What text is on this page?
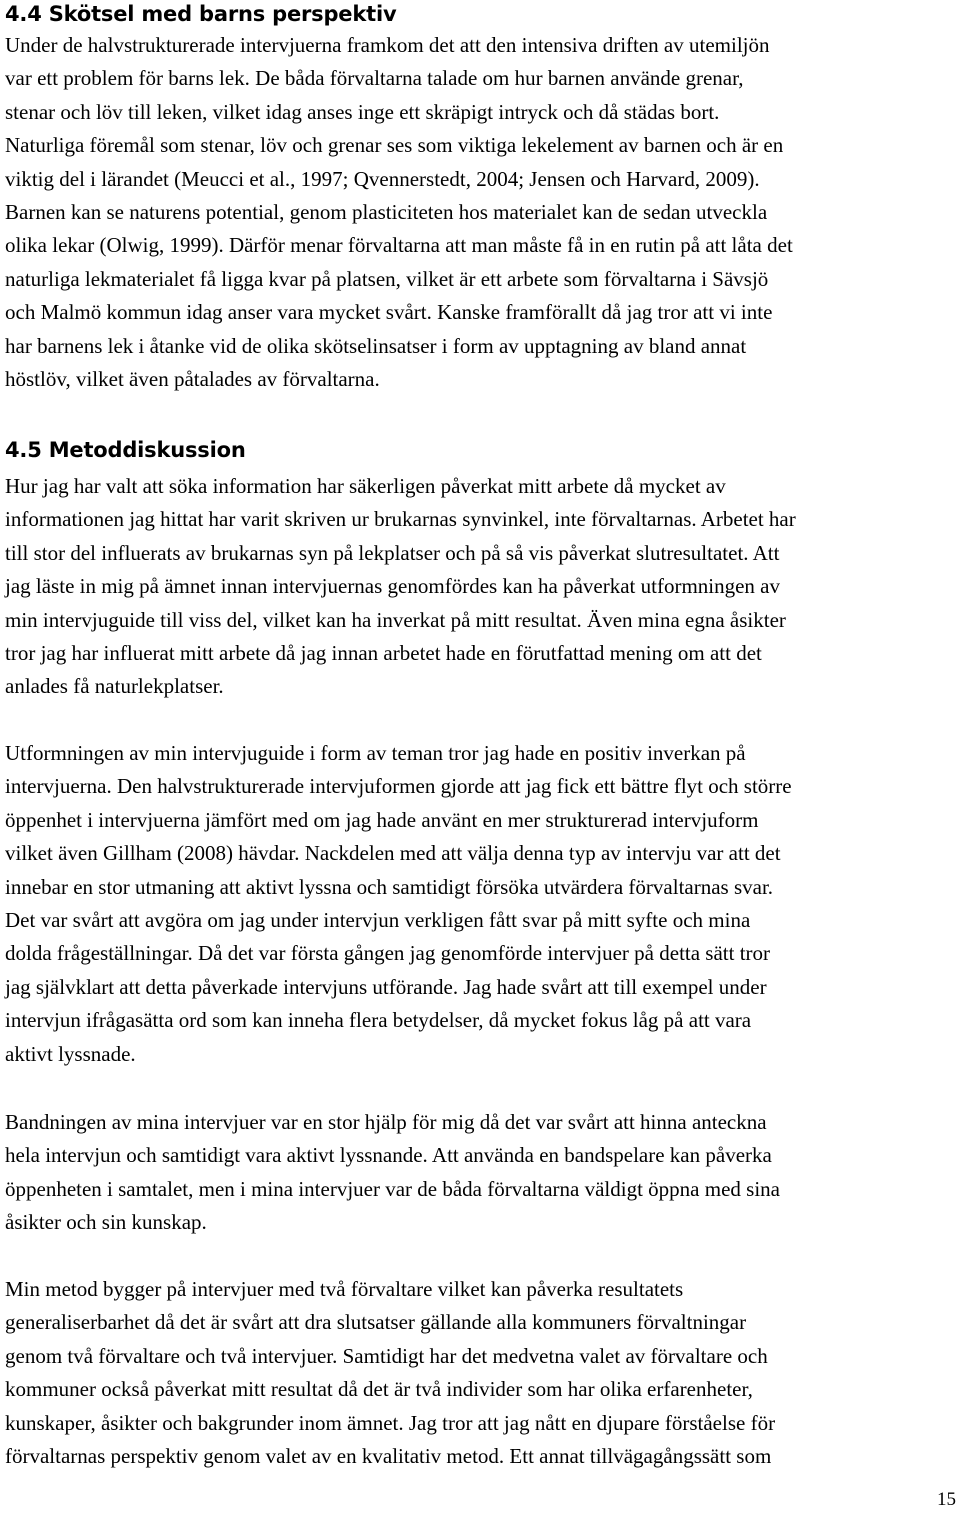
4.4 Skötsel med barns perspektiv

Under de halvstrukturerade intervjuerna framkom det att den intensiva driften av utemiljön
var ett problem för barns lek. De båda förvaltarna talade om hur barnen använde grenar,
stenar och löv till leken, vilket idag anses inge ett skräpigt intryck och då städas bort.
Naturliga föremål som stenar, löv och grenar ses som viktiga lekelement av barnen och är en
viktig del i lärandet (Meucci et al., 1997; Qvennerstedt, 2004; Jensen och Harvard, 2009).
Barnen kan se naturens potential, genom plasticiteten hos materialet kan de sedan utveckla
olika lekar (Olwig, 1999). Därför menar förvaltarna att man måste få in en rutin på att låta det
naturliga lekmaterialet få ligga kvar på platsen, vilket är ett arbete som förvaltarna i Sävsjö
och Malmö kommun idag anser vara mycket svårt. Kanske framförallt då jag tror att vi inte
har barnens lek i åtanke vid de olika skötselinsatser i form av upptagning av bland annat
höstlöv, vilket även påtalades av förvaltarna.

4.5 Metoddiskussion

Hur jag har valt att söka information har säkerligen påverkat mitt arbete då mycket av
informationen jag hittat har varit skriven ur brukarnas synvinkel, inte förvaltarnas. Arbetet har
till stor del influerats av brukarnas syn på lekplatser och på så vis påverkat slutresultatet. Att
jag läste in mig på ämnet innan intervjuernas genomfördes kan ha påverkat utformningen av
min intervjuguide till viss del, vilket kan ha inverkat på mitt resultat. Även mina egna åsikter
tror jag har influerat mitt arbete då jag innan arbetet hade en förutfattad mening om att det
anlades få naturlekplatser.

Utformningen av min intervjuguide i form av teman tror jag hade en positiv inverkan på
intervjuerna. Den halvstrukturerade intervjuformen gjorde att jag fick ett bättre flyt och större
öppenhet i intervjuerna jämfört med om jag hade använt en mer strukturerad intervjuform
vilket även Gillham (2008) hävdar. Nackdelen med att välja denna typ av intervju var att det
innebar en stor utmaning att aktivt lyssna och samtidigt försöka utvärdera förvaltarnas svar.
Det var svårt att avgöra om jag under intervjun verkligen fått svar på mitt syfte och mina
dolda frågeställningar. Då det var första gången jag genomförde intervjuer på detta sätt tror
jag självklart att detta påverkade intervjuns utförande. Jag hade svårt att till exempel under
intervjun ifrågasätta ord som kan inneha flera betydelser, då mycket fokus låg på att vara
aktivt lyssnade.

Bandningen av mina intervjuer var en stor hjälp för mig då det var svårt att hinna anteckna
hela intervjun och samtidigt vara aktivt lyssnande. Att använda en bandspelare kan påverka
öppenheten i samtalet, men i mina intervjuer var de båda förvaltarna väldigt öppna med sina
åsikter och sin kunskap.

Min metod bygger på intervjuer med två förvaltare vilket kan påverka resultatets
generaliserbarhet då det är svårt att dra slutsatser gällande alla kommuners förvaltningar
genom två förvaltare och två intervjuer. Samtidigt har det medvetna valet av förvaltare och
kommuner också påverkat mitt resultat då det är två individer som har olika erfarenheter,
kunskaper, åsikter och bakgrunder inom ämnet. Jag tror att jag nått en djupare förståelse för
förvaltarnas perspektiv genom valet av en kvalitativ metod. Ett annat tillvägagångssätt som

15
